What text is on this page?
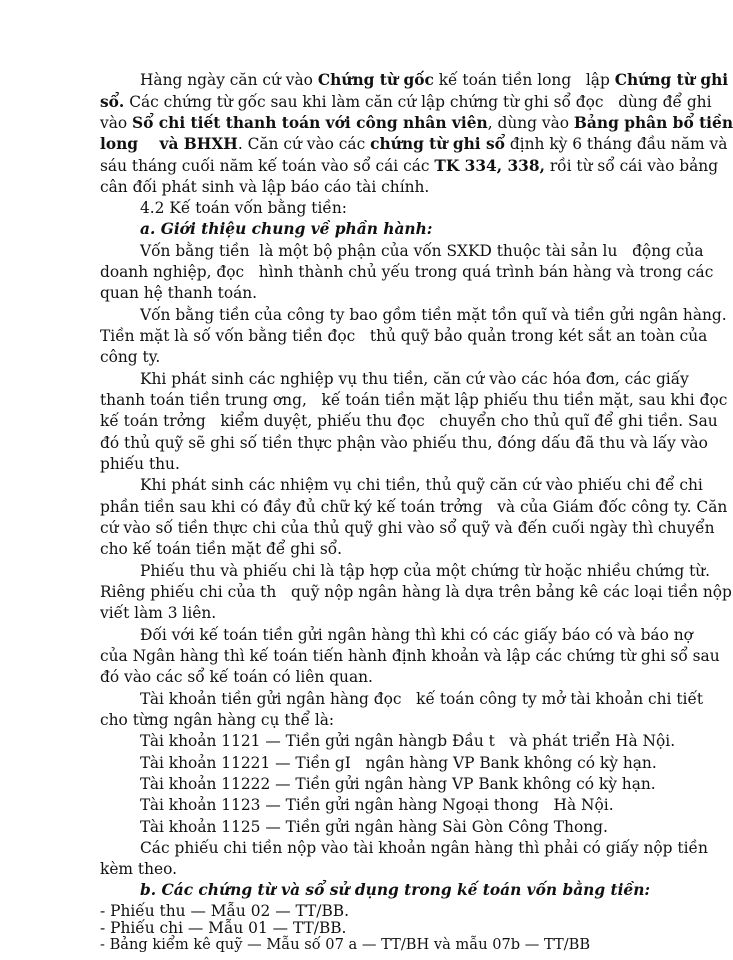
Hàng ngày căn cứ vào Chứng từ gốc kế toán tiền long   lập Chứng từ ghi
sổ. Các chứng từ gốc sau khi làm căn cứ lập chứng từ ghi sổ đọc   dùng để ghi
vào Sổ chi tiết thanh toán với công nhân viên, dùng vào Bảng phân bổ tiền
long    và BHXH. Căn cứ vào các chứng từ ghi sổ định kỳ 6 tháng đầu năm và
sáu tháng cuối năm kế toán vào sổ cái các TK 334, 338, rồi từ sổ cái vào bảng
cân đối phát sinh và lập báo cáo tài chính.
4.2 Kế toán vốn bằng tiền:
a. Giới thiệu chung về phần hành:
Vốn bằng tiền  là một bộ phận của vốn SXKD thuộc tài sản lu   động của
doanh nghiệp, đọc   hình thành chủ yếu trong quá trình bán hàng và trong các
quan hệ thanh toán.
Vốn bằng tiền của công ty bao gồm tiền mặt tồn quĩ và tiền gửi ngân hàng.
Tiền mặt là số vốn bằng tiền đọc   thủ quỹ bảo quản trong két sắt an toàn của
công ty.
Khi phát sinh các nghiệp vụ thu tiền, căn cứ vào các hóa đơn, các giấy
thanh toán tiền trung ơng,   kế toán tiền mặt lập phiếu thu tiền mặt, sau khi đọc
kế toán trởng   kiểm duyệt, phiếu thu đọc   chuyển cho thủ quĩ để ghi tiền. Sau
đó thủ quỹ sẽ ghi số tiền thực phận vào phiếu thu, đóng dấu đã thu và lấy vào
phiếu thu.
Khi phát sinh các nhiệm vụ chi tiền, thủ quỹ căn cứ vào phiếu chi để chi
phần tiền sau khi có đầy đủ chữ ký kế toán trởng   và của Giám đốc công ty. Căn
cứ vào số tiền thực chi của thủ quỹ ghi vào sổ quỹ và đến cuối ngày thì chuyển
cho kế toán tiền mặt để ghi sổ.
Phiếu thu và phiếu chi là tập hợp của một chứng từ hoặc nhiều chứng từ.
Riêng phiếu chi của th   quỹ nộp ngân hàng là dựa trên bảng kê các loại tiền nộp
viết làm 3 liên.
Đối với kế toán tiền gửi ngân hàng thì khi có các giấy báo có và báo nợ
của Ngân hàng thì kế toán tiến hành định khoản và lập các chứng từ ghi sổ sau
đó vào các sổ kế toán có liên quan.
Tài khoản tiền gửi ngân hàng đọc   kế toán công ty mở tài khoản chi tiết
cho từng ngân hàng cụ thể là:
Tài khoản 1121 — Tiền gửi ngân hàngb Đầu t   và phát triển Hà Nội.
Tài khoản 11221 — Tiền gI   ngân hàng VP Bank không có kỳ hạn.
Tài khoản 11222 — Tiền gửi ngân hàng VP Bank không có kỳ hạn.
Tài khoản 1123 — Tiền gửi ngân hàng Ngoại thong   Hà Nội.
Tài khoản 1125 — Tiền gửi ngân hàng Sài Gòn Công Thong.
Các phiếu chi tiền nộp vào tài khoản ngân hàng thì phải có giấy nộp tiền
kèm theo.
b. Các chứng từ và sổ sử dụng trong kế toán vốn bằng tiền:
- Phiếu thu — Mẫu 02 — TT/BB.
- Phiếu chi — Mẫu 01 — TT/BB.
- Bảng kiểm kê quỹ — Mẫu số 07 a — TT/BH và mẫu 07b — TT/BB
